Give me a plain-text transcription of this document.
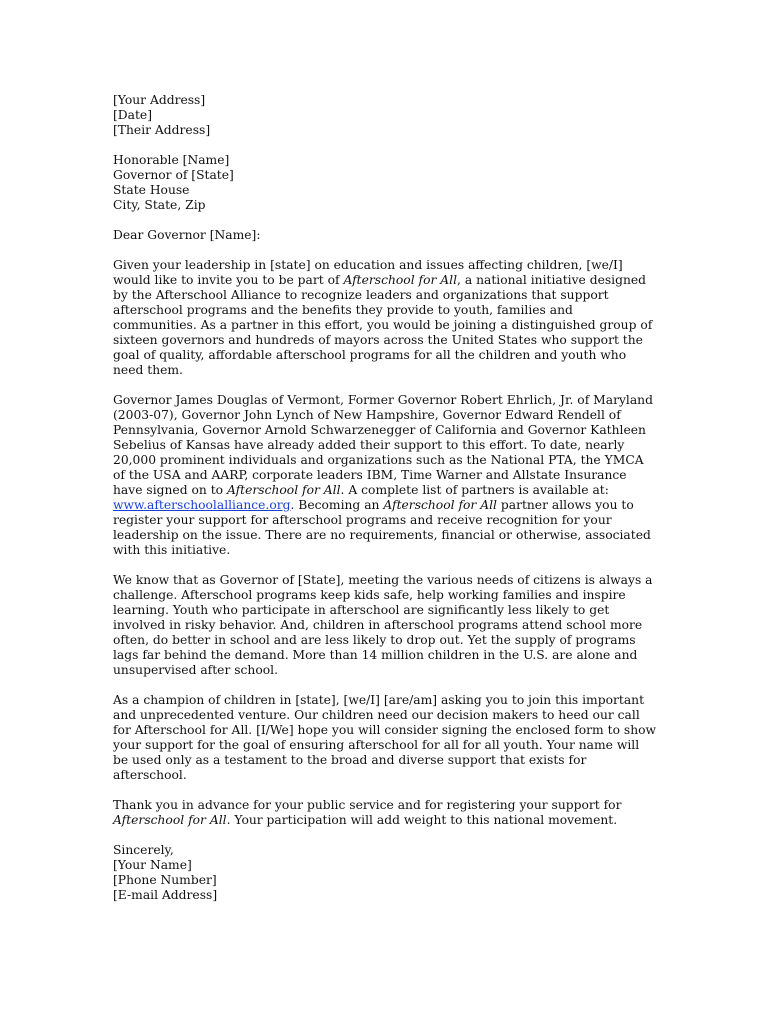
[Your Address]
[Date]
[Their Address]
Honorable [Name]
Governor of [State]
State House
City, State, Zip
Dear Governor [Name]:

Given your leadership in [state] on education and issues affecting children, [we/I] would like to invite you to be part of Afterschool for All, a national initiative designed by the Afterschool Alliance to recognize leaders and organizations that support afterschool programs and the benefits they provide to youth, families and communities. As a partner in this effort, you would be joining a distinguished group of sixteen governors and hundreds of mayors across the United States who support the goal of quality, affordable afterschool programs for all the children and youth who need them.

Governor James Douglas of Vermont, Former Governor Robert Ehrlich, Jr. of Maryland (2003-07), Governor John Lynch of New Hampshire, Governor Edward Rendell of Pennsylvania, Governor Arnold Schwarzenegger of California and Governor Kathleen Sebelius of Kansas have already added their support to this effort. To date, nearly 20,000 prominent individuals and organizations such as the National PTA, the YMCA of the USA and AARP, corporate leaders IBM, Time Warner and Allstate Insurance have signed on to Afterschool for All. A complete list of partners is available at: www.afterschoolalliance.org. Becoming an Afterschool for All partner allows you to register your support for afterschool programs and receive recognition for your leadership on the issue. There are no requirements, financial or otherwise, associated with this initiative.

We know that as Governor of [State], meeting the various needs of citizens is always a challenge. Afterschool programs keep kids safe, help working families and inspire learning. Youth who participate in afterschool are significantly less likely to get involved in risky behavior. And, children in afterschool programs attend school more often, do better in school and are less likely to drop out. Yet the supply of programs lags far behind the demand. More than 14 million children in the U.S. are alone and unsupervised after school.

As a champion of children in [state], [we/I] [are/am] asking you to join this important and unprecedented venture. Our children need our decision makers to heed our call for Afterschool for All. [I/We] hope you will consider signing the enclosed form to show your support for the goal of ensuring afterschool for all for all youth. Your name will be used only as a testament to the broad and diverse support that exists for afterschool.

Thank you in advance for your public service and for registering your support for Afterschool for All. Your participation will add weight to this national movement.

Sincerely,
[Your Name]
[Phone Number]
[E-mail Address]
